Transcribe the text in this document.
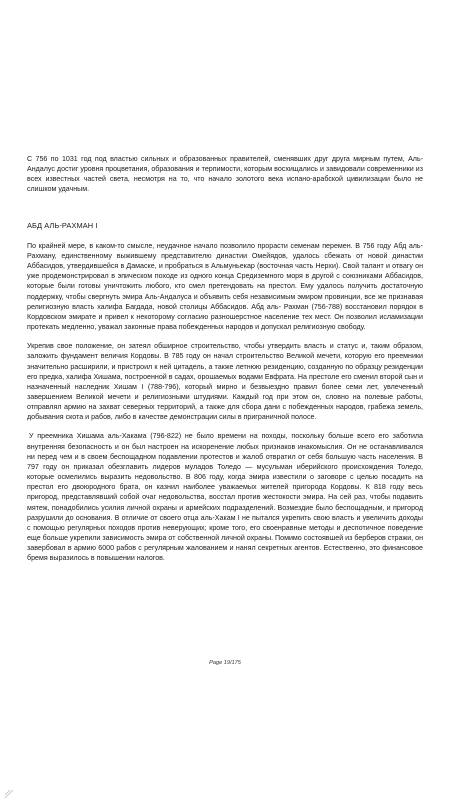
С 756 по 1031 год под властью сильных и образованных правителей, сменявших друг друга мирным путем, Аль-Андалус достиг уровня процветания, образования и терпимости, которым восхищались и завидовали современники из всех известных частей света, несмотря на то, что начало золотого века испано-арабской цивилизации было не слишком удачным.

АБД АЛЬ-РАХМАН I

По крайней мере, в каком-то смысле, неудачное начало позволило прорасти семенам перемен. В 756 году Абд аль-Рахману, единственному выжившему представителю династии Омейядов, удалось сбежать от новой династии Аббасидов, утвердившейся в Дамаске, и пробраться в Альмуньекар (восточная часть Нерхи). Свой талант и отвагу он уже продемонстрировал в эпическом походе из одного конца Средиземного моря в другой с союзниками Аббасидов, которые были готовы уничтожить любого, кто смел претендовать на престол. Ему удалось получить достаточную поддержку, чтобы свергнуть эмира Аль-Андалуса и объявить себя независимым эмиром провинции, все же признавая религиозную власть халифа Багдада, новой столицы Аббасидов. Абд аль- Рахман (756-788) восстановил порядок в Кордовском эмирате и привел к некоторому согласию разнoшерстное население тех мест. Он позволил исламизации протекать медленно, уважал законные права побежденных народов и допускал религиозную свободу.

Укрепив свое положение, он затеял обширное строительство, чтобы утвердить власть и статус и, таким образом, заложить фундамент величия Кордовы. В 785 году он начал строительство Великой мечети, которую его преемники значительно расширили, и пристроил к ней цитадель, а также летнюю резиденцию, созданную по образцу резиденции его предка, халифа Хишама, построенной в садах, орошаемых водами Евфрата. На престоле его сменил второй сын и назначенный наследник Хишам I (788-796), который мирно и безвыездно правил более семи лет, увлеченный завершением Великой мечети и религиозными штудиями. Каждый год при этом он, словно на полевые работы, отправлял армию на захват северных территорий, а также для сбора дани с побежденных народов, грабежа земель, добывания скота и рабов, либо в качестве демонстрации силы в приграничной полосе.

У преемника Хишама аль-Хакама (796-822) не было времени на походы, поскольку больше всего его заботила внутренняя безопасность и он был настроен на искоренение любых признаков инакомыслия. Он не останавливался ни перед чем и в своем беспощадном подавлении протестов и жалоб отвратил от себя большую часть населения. В 797 году он приказал обезглавить лидеров мулaдов Толедо — мусульман иберийского происхождения Толедо, которые осмелились выразить недовольство. В 806 году, когда эмира известили о заговоре с целью посадить на престол его двоюродного брата, он казнил наиболее уважаемых жителей пригорода Кордовы. К 818 году весь пригород, представлявший собой очаг недовольства, восстал против жестокости эмира. На сей раз, чтобы подавить мятеж, понадобились усилия личной охраны и армейских подразделений. Возмездие было беспощадным, и пригород разрушили до основания. В отличие от своего отца аль-Хакам I не пытался укрепить свою власть и увеличить доходы с помощью регулярных походов против неверующих; кроме того, его своенравные методы и деспотичное поведение еще больше укрепили зависимость эмира от собственной личной охраны. Помимо состоявшей из берберов стражи, он завербовал в армию 6000 рабов с регулярным жалованием и нанял секретных агентов. Естественно, это финансовое бремя выразилось в повышении налогов.

Page 19/175
